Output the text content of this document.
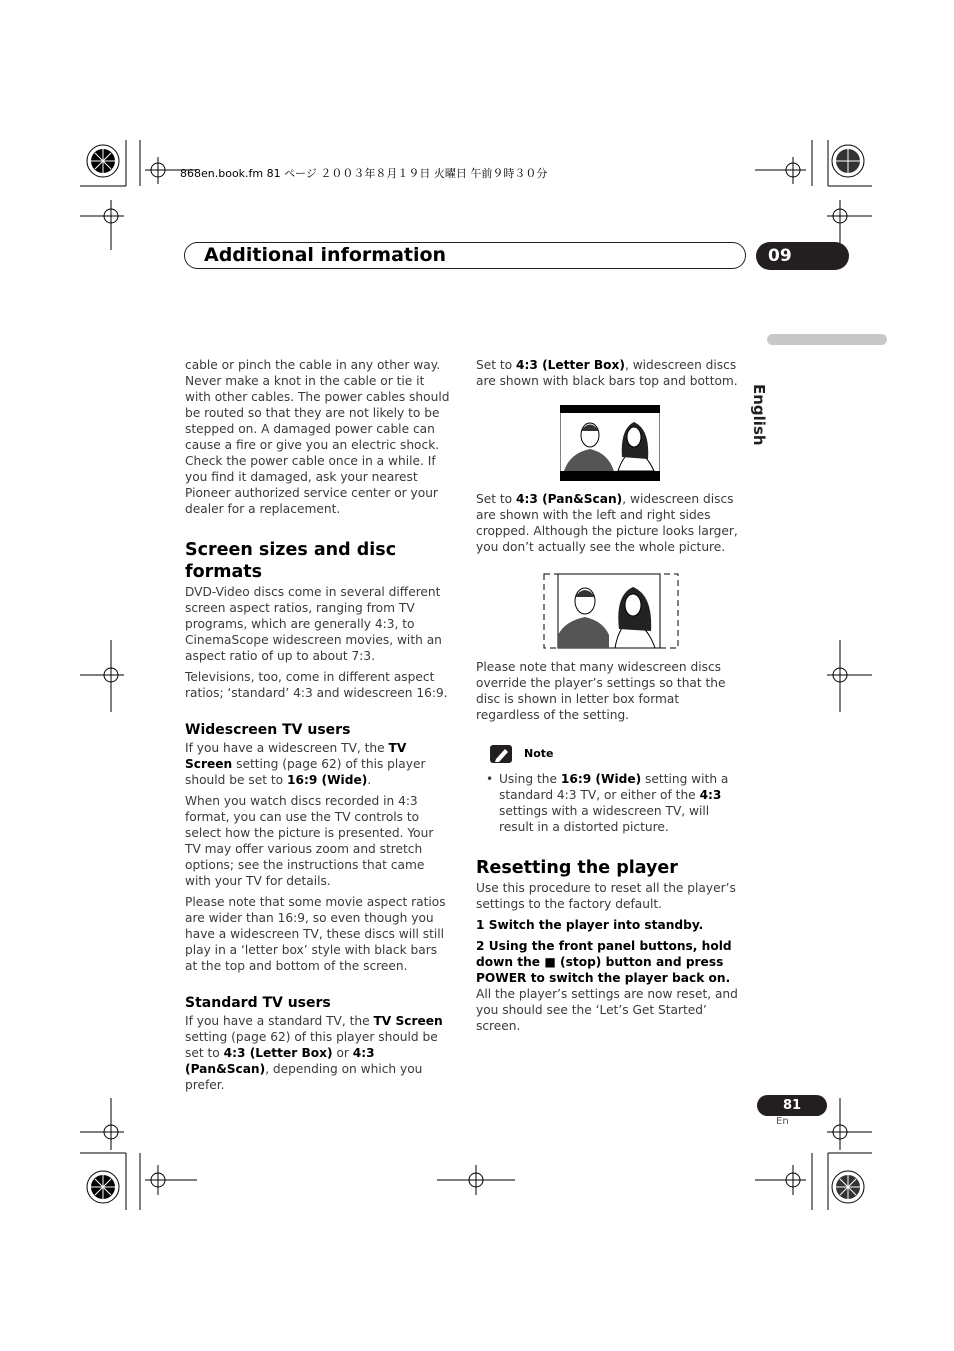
868en.book.fm 81 ページ ２００３年８月１９日 火曜日 午前９時３０分
Additional information	09
English

cable or pinch the cable in any other way. Never make a knot in the cable or tie it with other cables. The power cables should be routed so that they are not likely to be stepped on. A damaged power cable can cause a fire or give you an electric shock. Check the power cable once in a while. If you find it damaged, ask your nearest Pioneer authorized service center or your dealer for a replacement.

Screen sizes and disc formats

DVD-Video discs come in several different screen aspect ratios, ranging from TV programs, which are generally 4:3, to CinemaScope widescreen movies, with an aspect ratio of up to about 7:3.

Televisions, too, come in different aspect ratios; ‘standard’ 4:3 and widescreen 16:9.

Widescreen TV users

If you have a widescreen TV, the TV Screen setting (page 62) of this player should be set to 16:9 (Wide).

When you watch discs recorded in 4:3 format, you can use the TV controls to select how the picture is presented. Your TV may offer various zoom and stretch options; see the instructions that came with your TV for details.

Please note that some movie aspect ratios are wider than 16:9, so even though you have a widescreen TV, these discs will still play in a ‘letter box’ style with black bars at the top and bottom of the screen.

Standard TV users

If you have a standard TV, the TV Screen setting (page 62) of this player should be set to 4:3 (Letter Box) or 4:3 (Pan&Scan), depending on which you prefer.

Set to 4:3 (Letter Box), widescreen discs are shown with black bars top and bottom.

Set to 4:3 (Pan&Scan), widescreen discs are shown with the left and right sides cropped. Although the picture looks larger, you don’t actually see the whole picture.

Please note that many widescreen discs override the player’s settings so that the disc is shown in letter box format regardless of the setting.

Note

• Using the 16:9 (Wide) setting with a standard 4:3 TV, or either of the 4:3 settings with a widescreen TV, will result in a distorted picture.

Resetting the player

Use this procedure to reset all the player’s settings to the factory default.

1 Switch the player into standby.

2 Using the front panel buttons, hold down the ■ (stop) button and press POWER to switch the player back on.

All the player’s settings are now reset, and you should see the ‘Let’s Get Started’ screen.

81
En
